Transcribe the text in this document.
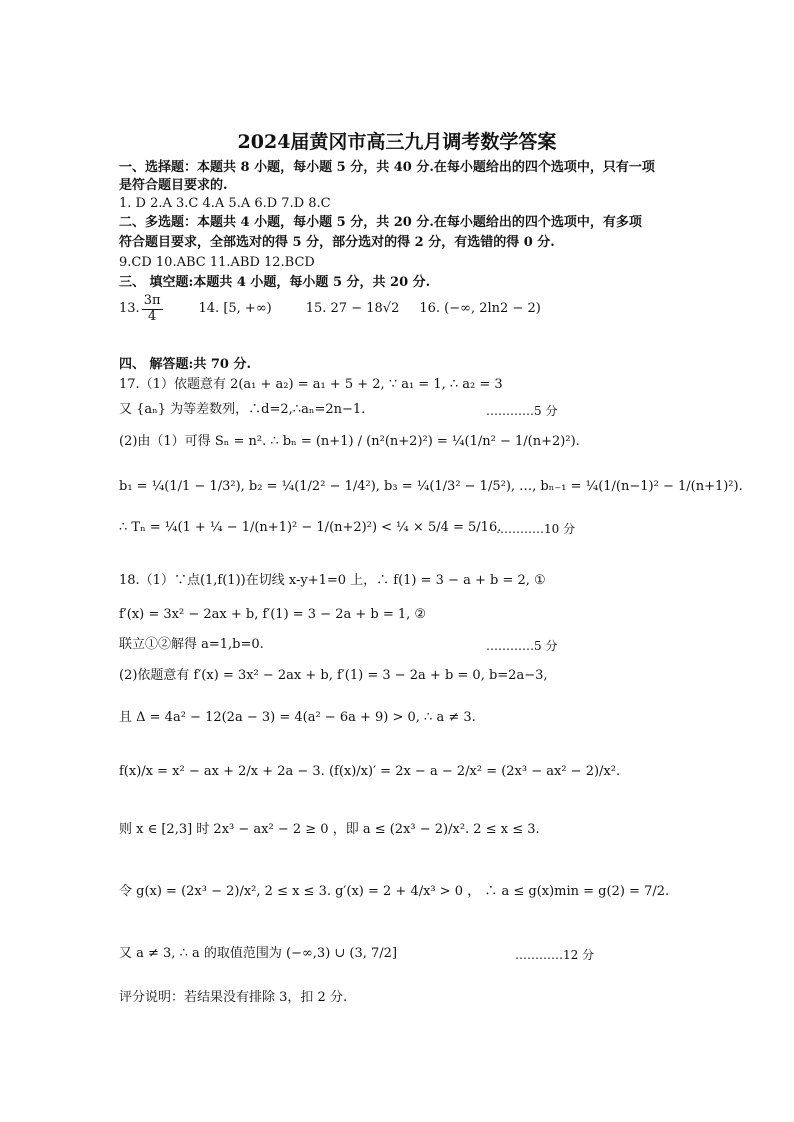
2024届黄冈市高三九月调考数学答案
一、选择题：本题共 8 小题，每小题 5 分，共 40 分.在每小题给出的四个选项中，只有一项
是符合题目要求的.
1. D 2.A 3.C 4.A 5.A 6.D 7.D 8.C
二、多选题：本题共 4 小题，每小题 5 分，共 20 分.在每小题给出的四个选项中，有多项
符合题目要求，全部选对的得 5 分，部分选对的得 2 分，有选错的得 0 分.
9.CD 10.ABC 11.ABD 12.BCD
三、 填空题:本题共 4 小题，每小题 5 分，共 20 分.
13. $\frac{3\pi}{4}$	14. [5, +∞)	15. 27 − 18√2 16. (−∞, 2ln2 − 2)
四、 解答题:共 70 分.
17.（1）依题意有 2(a₁ + a₂) = a₁ + 5 + 2, ∵ a₁ = 1, ∴ a₂ = 3
又 {aₙ} 为等差数列，∴d=2,∴aₙ=2n−1.	…………5 分
(2)由（1）可得 Sₙ = n². ∴ bₙ = (n+1) / (n²(n+2)²) = ¼(1/n² − 1/(n+2)²).
b₁ = ¼(1/1 − 1/3²), b₂ = ¼(1/2² − 1/4²), b₃ = ¼(1/3² − 1/5²), …, bₙ₋₁ = ¼(1/(n−1)² − 1/(n+1)²).
∴ Tₙ = ¼(1 + ¼ − 1/(n+1)² − 1/(n+2)²) < ¼ × 5/4 = 5/16.
…………10 分
18.（1）∵点(1,f(1))在切线 x-y+1=0 上，∴ f(1) = 3 − a + b = 2, ①
f′(x) = 3x² − 2ax + b, f′(1) = 3 − 2a + b = 1, ②
联立①②解得 a=1,b=0.	…………5 分
(2)依题意有 f′(x) = 3x² − 2ax + b, f′(1) = 3 − 2a + b = 0, b=2a−3,
且 Δ = 4a² − 12(2a − 3) = 4(a² − 6a + 9) > 0, ∴ a ≠ 3.
f(x)/x = x² − ax + 2/x + 2a − 3. (f(x)/x)′ = 2x − a − 2/x² = (2x³ − ax² − 2)/x².
则 x ∈ [2,3] 时 2x³ − ax² − 2 ≥ 0 ，即 a ≤ (2x³ − 2)/x². 2 ≤ x ≤ 3.
令 g(x) = (2x³ − 2)/x², 2 ≤ x ≤ 3. g′(x) = 2 + 4/x³ > 0 ， ∴ a ≤ g(x)min = g(2) = 7/2.
又 a ≠ 3, ∴ a 的取值范围为 (−∞,3) ∪ (3, 7/2]	…………12 分
评分说明：若结果没有排除 3，扣 2 分.
